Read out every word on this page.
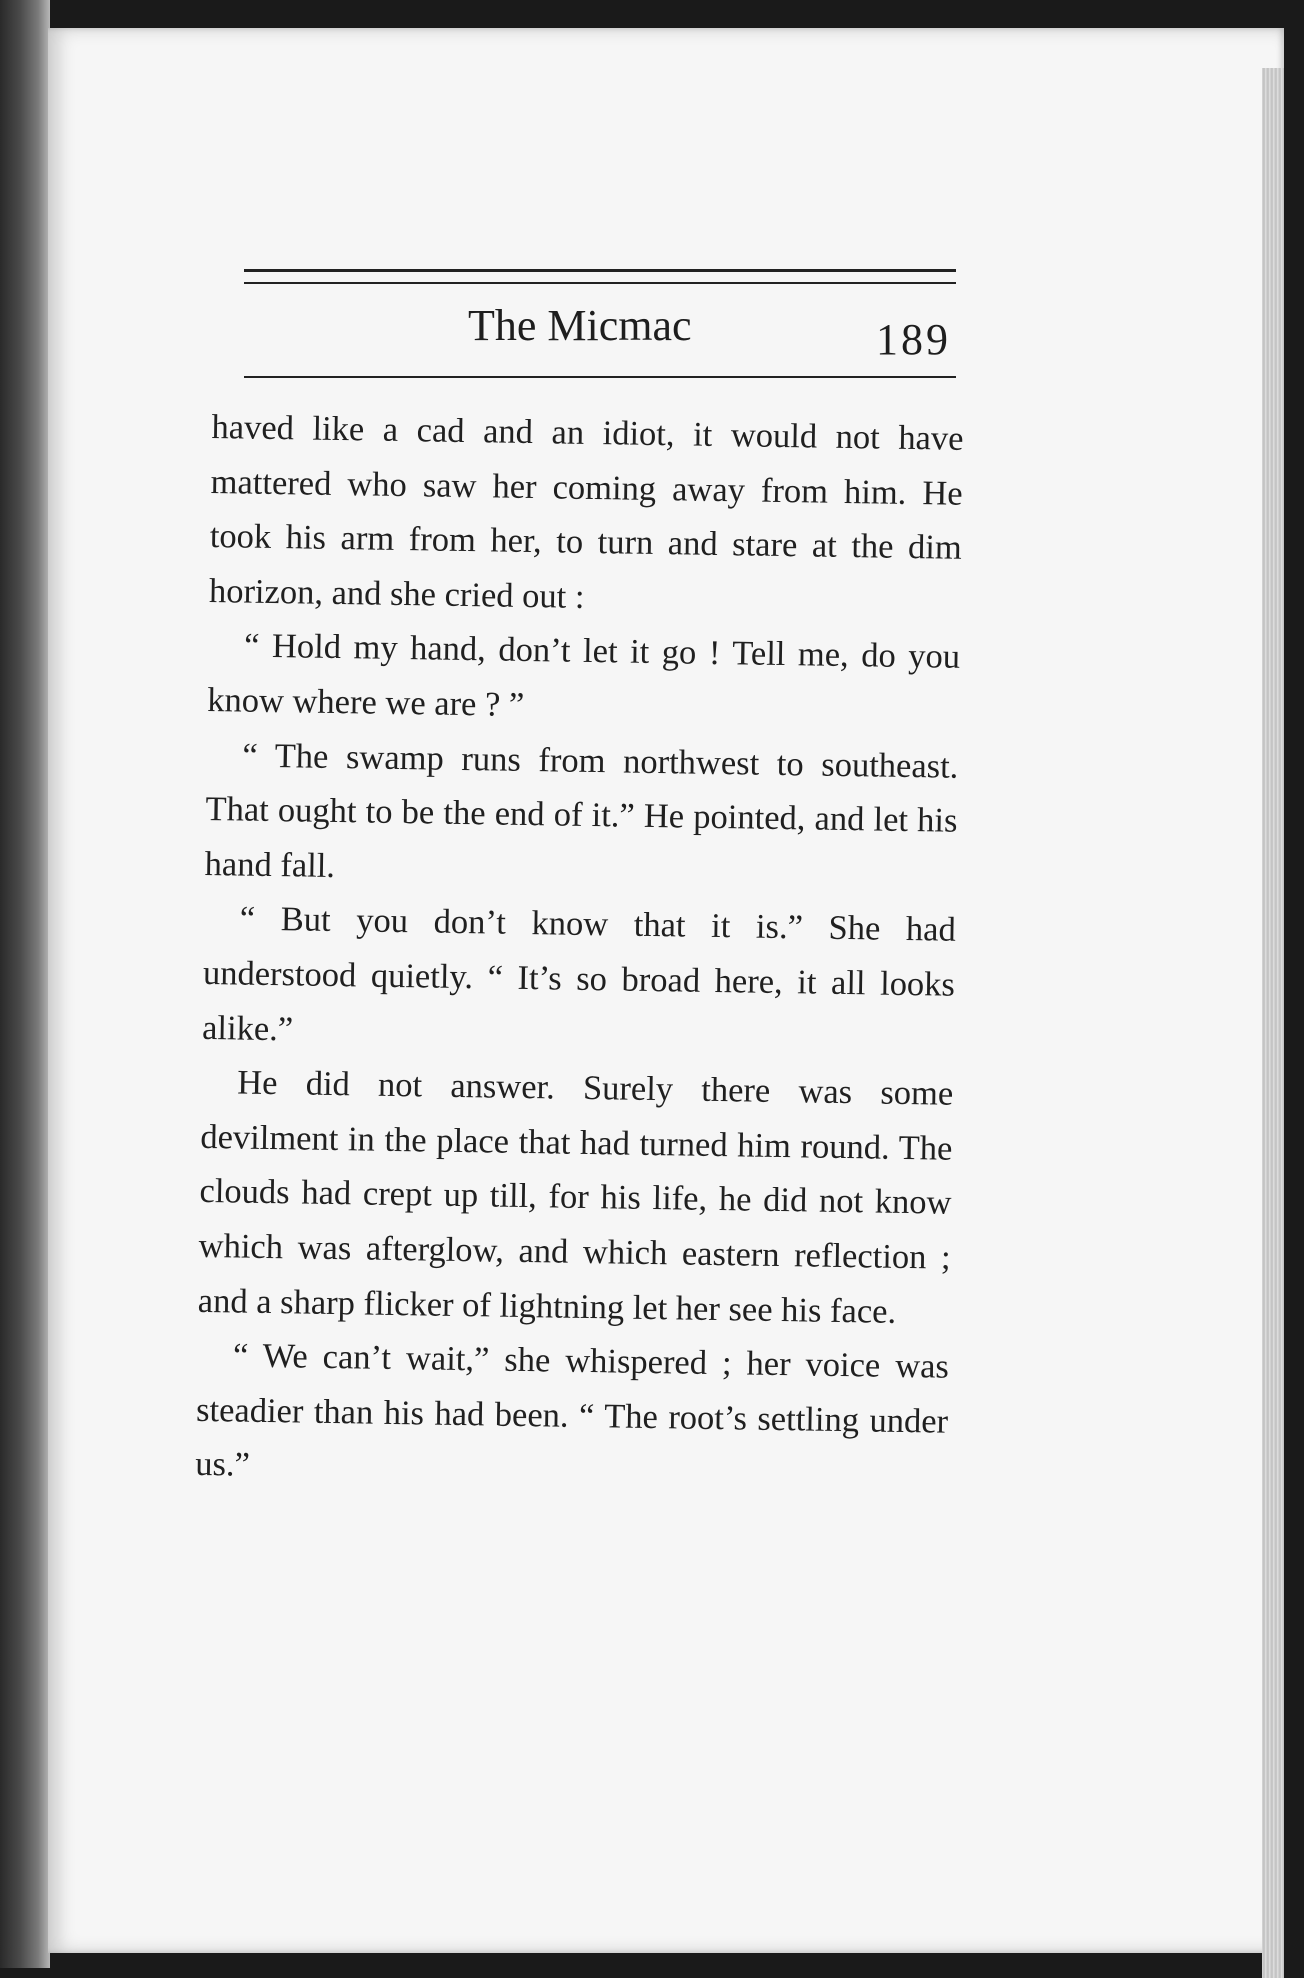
The Micmac	189

haved like a cad and an idiot, it would not have mattered who saw her coming away from him. He took his arm from her, to turn and stare at the dim horizon, and she cried out :

“ Hold my hand, don’t let it go ! Tell me, do you know where we are ? ”

“ The swamp runs from northwest to southeast. That ought to be the end of it.” He pointed, and let his hand fall.

“ But you don’t know that it is.” She had understood quietly. “ It’s so broad here, it all looks alike.”

He did not answer. Surely there was some devilment in the place that had turned him round. The clouds had crept up till, for his life, he did not know which was afterglow, and which eastern reflection ; and a sharp flicker of lightning let her see his face.

“ We can’t wait,” she whispered ; her voice was steadier than his had been. “ The root’s settling under us.”
